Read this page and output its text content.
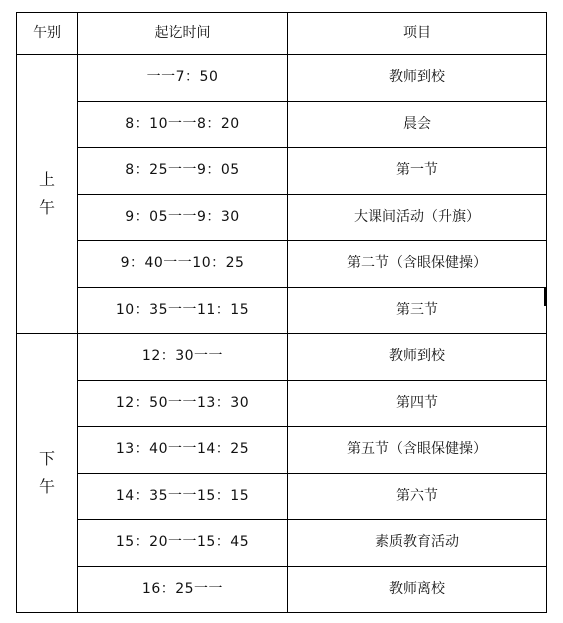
午别	起讫时间	项目
上午	一一7：50	教师到校
	8：10一一8：20	晨会
	8：25一一9：05	第一节
	9：05一一9：30	大课间活动（升旗）
	9：40一一10：25	第二节（含眼保健操）
	10：35一一11：15	第三节
下午	12：30一一	教师到校
	12：50一一13：30	第四节
	13：40一一14：25	第五节（含眼保健操）
	14：35一一15：15	第六节
	15：20一一15：45	素质教育活动
	16：25一一	教师离校
